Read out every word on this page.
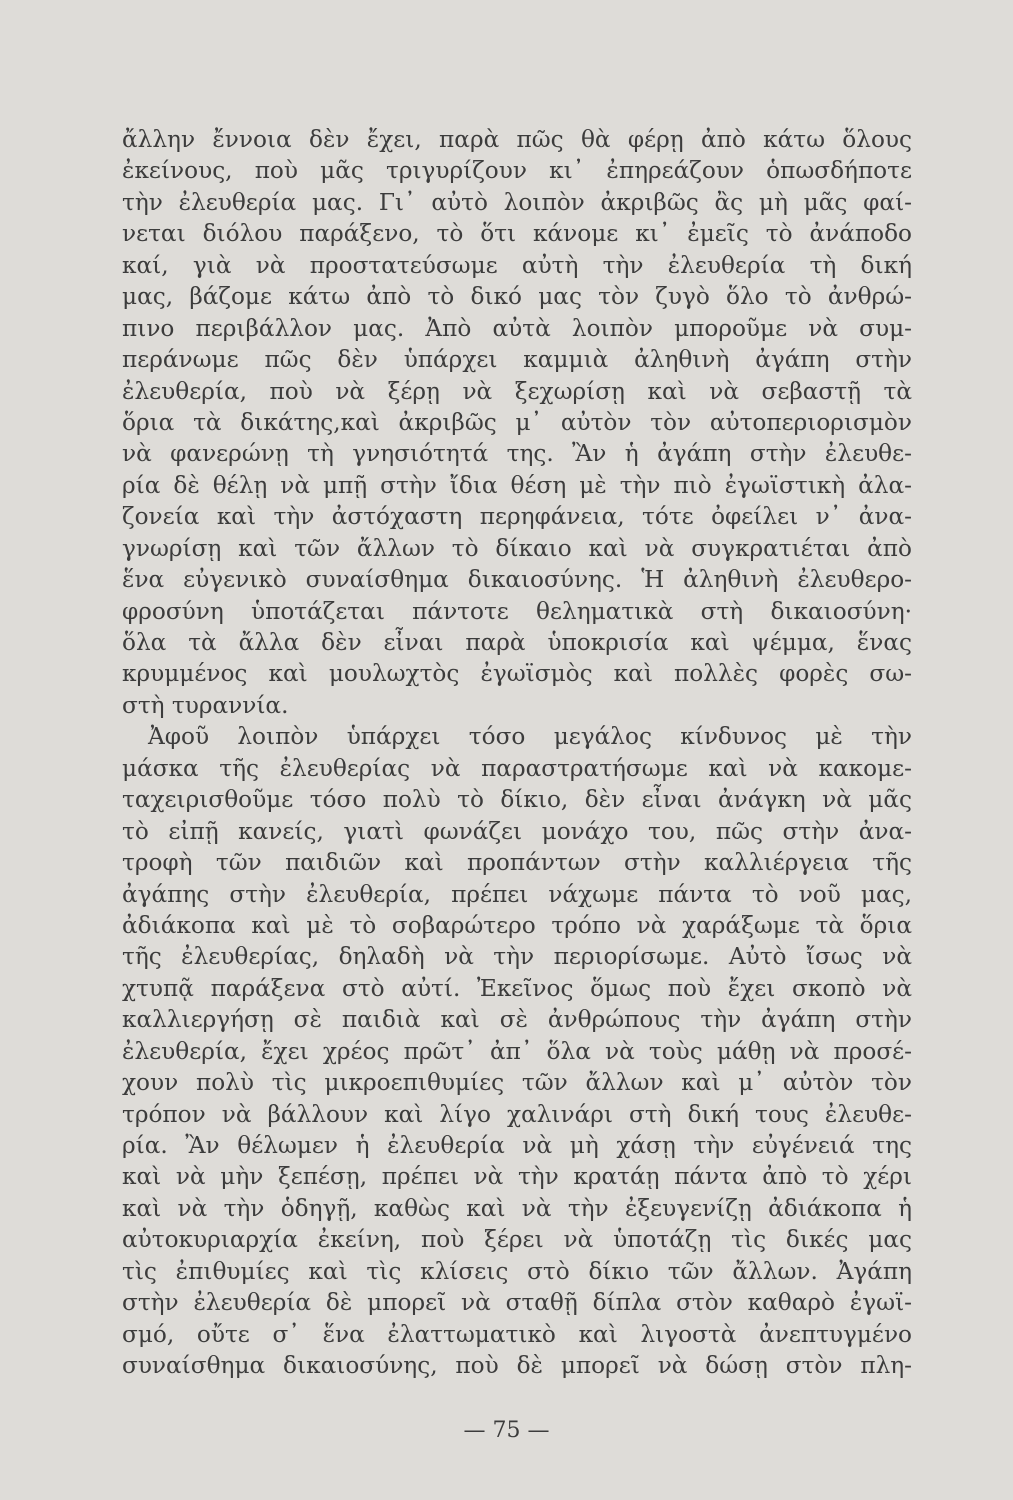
ἄλλην ἔννοια δὲν ἔχει, παρὰ πῶς θὰ φέρῃ ἀπὸ κάτω ὅλους
ἐκείνους, ποὺ μᾶς τριγυρίζουν κι᾽ ἐπηρεάζουν ὁπωσδήποτε
τὴν ἐλευθερία μας. Γι᾽ αὐτὸ λοιπὸν ἀκριβῶς ἂς μὴ μᾶς φαί-
νεται διόλου παράξενο, τὸ ὅτι κάνομε κι᾽ ἐμεῖς τὸ ἀνάποδο
καί, γιὰ νὰ προστατεύσωμε αὐτὴ τὴν ἐλευθερία τὴ δική
μας, βάζομε κάτω ἀπὸ τὸ δικό μας τὸν ζυγὸ ὅλο τὸ ἀνθρώ-
πινο περιβάλλον μας. Ἀπὸ αὐτὰ λοιπὸν μποροῦμε νὰ συμ-
περάνωμε πῶς δὲν ὑπάρχει καμμιὰ ἀληθινὴ ἀγάπη στὴν
ἐλευθερία, ποὺ νὰ ξέρῃ νὰ ξεχωρίσῃ καὶ νὰ σεβαστῇ τὰ
ὅρια τὰ δικάτης,καὶ ἀκριβῶς μ᾽ αὐτὸν τὸν αὐτοπεριορισμὸν
νὰ φανερώνῃ τὴ γνησιότητά της. Ἂν ἡ ἀγάπη στὴν ἐλευθε-
ρία δὲ θέλῃ νὰ μπῇ στὴν ἴδια θέση μὲ τὴν πιὸ ἐγωϊστικὴ ἀλα-
ζονεία καὶ τὴν ἀστόχαστη περηφάνεια, τότε ὀφείλει ν᾽ ἀνα-
γνωρίσῃ καὶ τῶν ἄλλων τὸ δίκαιο καὶ νὰ συγκρατιέται ἀπὸ
ἕνα εὐγενικὸ συναίσθημα δικαιοσύνης. Ἡ ἀληθινὴ ἐλευθερο-
φροσύνη ὑποτάζεται πάντοτε θεληματικὰ στὴ δικαιοσύνη·
ὅλα τὰ ἄλλα δὲν εἶναι παρὰ ὑποκρισία καὶ ψέμμα, ἕνας
κρυμμένος καὶ μουλωχτὸς ἐγωϊσμὸς καὶ πολλὲς φορὲς σω-
στὴ τυραννία.
Ἀφοῦ λοιπὸν ὑπάρχει τόσο μεγάλος κίνδυνος μὲ τὴν
μάσκα τῆς ἐλευθερίας νὰ παραστρατήσωμε καὶ νὰ κακομε-
ταχειρισθοῦμε τόσο πολὺ τὸ δίκιο, δὲν εἶναι ἀνάγκη νὰ μᾶς
τὸ εἰπῇ κανείς, γιατὶ φωνάζει μονάχο του, πῶς στὴν ἀνα-
τροφὴ τῶν παιδιῶν καὶ προπάντων στὴν καλλιέργεια τῆς
ἀγάπης στὴν ἐλευθερία, πρέπει νάχωμε πάντα τὸ νοῦ μας,
ἀδιάκοπα καὶ μὲ τὸ σοβαρώτερο τρόπο νὰ χαράξωμε τὰ ὅρια
τῆς ἐλευθερίας, δηλαδὴ νὰ τὴν περιορίσωμε. Αὐτὸ ἴσως νὰ
χτυπᾷ παράξενα στὸ αὐτί. Ἐκεῖνος ὅμως ποὺ ἔχει σκοπὸ νὰ
καλλιεργήσῃ σὲ παιδιὰ καὶ σὲ ἀνθρώπους τὴν ἀγάπη στὴν
ἐλευθερία, ἔχει χρέος πρῶτ᾽ ἀπ᾽ ὅλα νὰ τοὺς μάθῃ νὰ προσέ-
χουν πολὺ τὶς μικροεπιθυμίες τῶν ἄλλων καὶ μ᾽ αὐτὸν τὸν
τρόπον νὰ βάλλουν καὶ λίγο χαλινάρι στὴ δική τους ἐλευθε-
ρία. Ἂν θέλωμεν ἡ ἐλευθερία νὰ μὴ χάσῃ τὴν εὐγένειά της
καὶ νὰ μὴν ξεπέσῃ, πρέπει νὰ τὴν κρατάῃ πάντα ἀπὸ τὸ χέρι
καὶ νὰ τὴν ὁδηγῇ, καθὼς καὶ νὰ τὴν ἐξευγενίζῃ ἀδιάκοπα ἡ
αὐτοκυριαρχία ἐκείνη, ποὺ ξέρει νὰ ὑποτάζῃ τὶς δικές μας
τὶς ἐπιθυμίες καὶ τὶς κλίσεις στὸ δίκιο τῶν ἄλλων. Ἀγάπη
στὴν ἐλευθερία δὲ μπορεῖ νὰ σταθῇ δίπλα στὸν καθαρὸ ἐγωϊ-
σμό, οὔτε σ᾽ ἕνα ἐλαττωματικὸ καὶ λιγοστὰ ἀνεπτυγμένο
συναίσθημα δικαιοσύνης, ποὺ δὲ μπορεῖ νὰ δώσῃ στὸν πλη-
— 75 —
